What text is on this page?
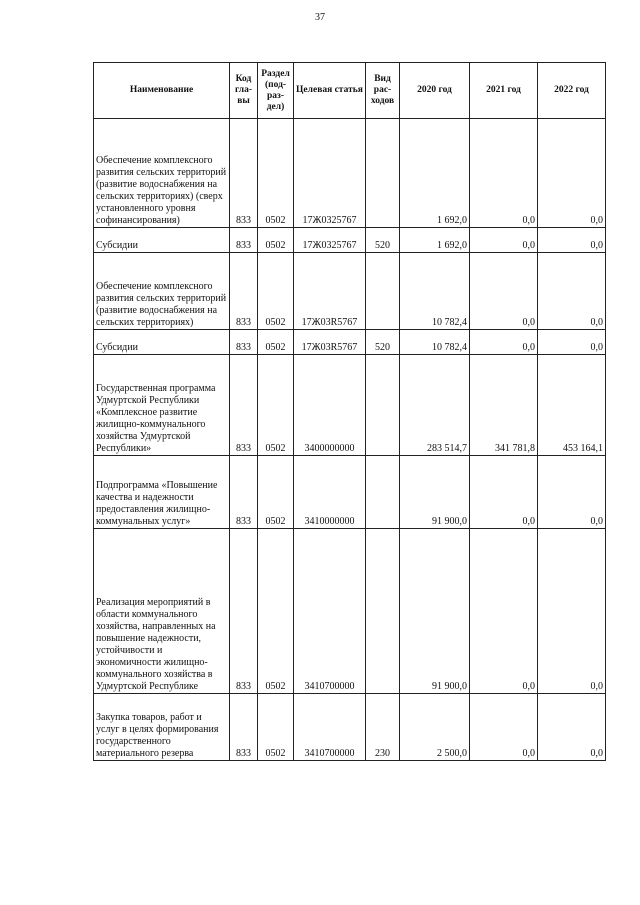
37
Наименование	Код гла- вы	Раздел (под- раз- дел)	Целевая статья	Вид рас- ходов	2020 год	2021 год	2022 год
Обеспечение комплексного развития сельских территорий (развитие водоснабжения на сельских территориях) (сверх установленного уровня софинансирования)	833	0502	17Ж0325767		1 692,0	0,0	0,0
Субсидии	833	0502	17Ж0325767	520	1 692,0	0,0	0,0
Обеспечение комплексного развития сельских территорий (развитие водоснабжения на сельских территориях)	833	0502	17Ж03R5767		10 782,4	0,0	0,0
Субсидии	833	0502	17Ж03R5767	520	10 782,4	0,0	0,0
Государственная программа Удмуртской Республики «Комплексное развитие жилищно-коммунального хозяйства Удмуртской Республики»	833	0502	3400000000		283 514,7	341 781,8	453 164,1
Подпрограмма «Повышение качества и надежности предоставления жилищно-коммунальных услуг»	833	0502	3410000000		91 900,0	0,0	0,0
Реализация мероприятий в области коммунального хозяйства, направленных на повышение надежности, устойчивости и экономичности жилищно-коммунального хозяйства в Удмуртской Республике	833	0502	3410700000		91 900,0	0,0	0,0
Закупка товаров, работ и услуг в целях формирования государственного материального резерва	833	0502	3410700000	230	2 500,0	0,0	0,0
